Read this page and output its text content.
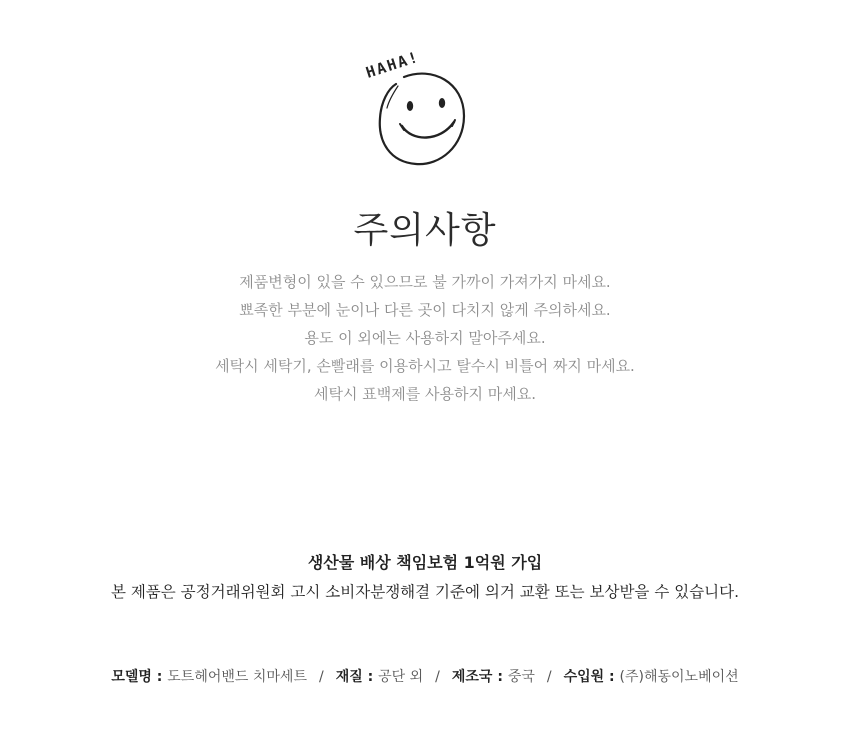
HAHA!
주의사항
제품변형이 있을 수 있으므로 불 가까이 가져가지 마세요.
뾰족한 부분에 눈이나 다른 곳이 다치지 않게 주의하세요.
용도 이 외에는 사용하지 말아주세요.
세탁시 세탁기, 손빨래를 이용하시고 탈수시 비틀어 짜지 마세요.
세탁시 표백제를 사용하지 마세요.

생산물 배상 책임보험 1억원 가입

본 제품은 공정거래위원회 고시 소비자분쟁해결 기준에 의거 교환 또는 보상받을 수 있습니다.

모델명 : 도트헤어밴드 치마세트 / 재질 : 공단 외 / 제조국 : 중국 / 수입원 : (주)해동이노베이션
